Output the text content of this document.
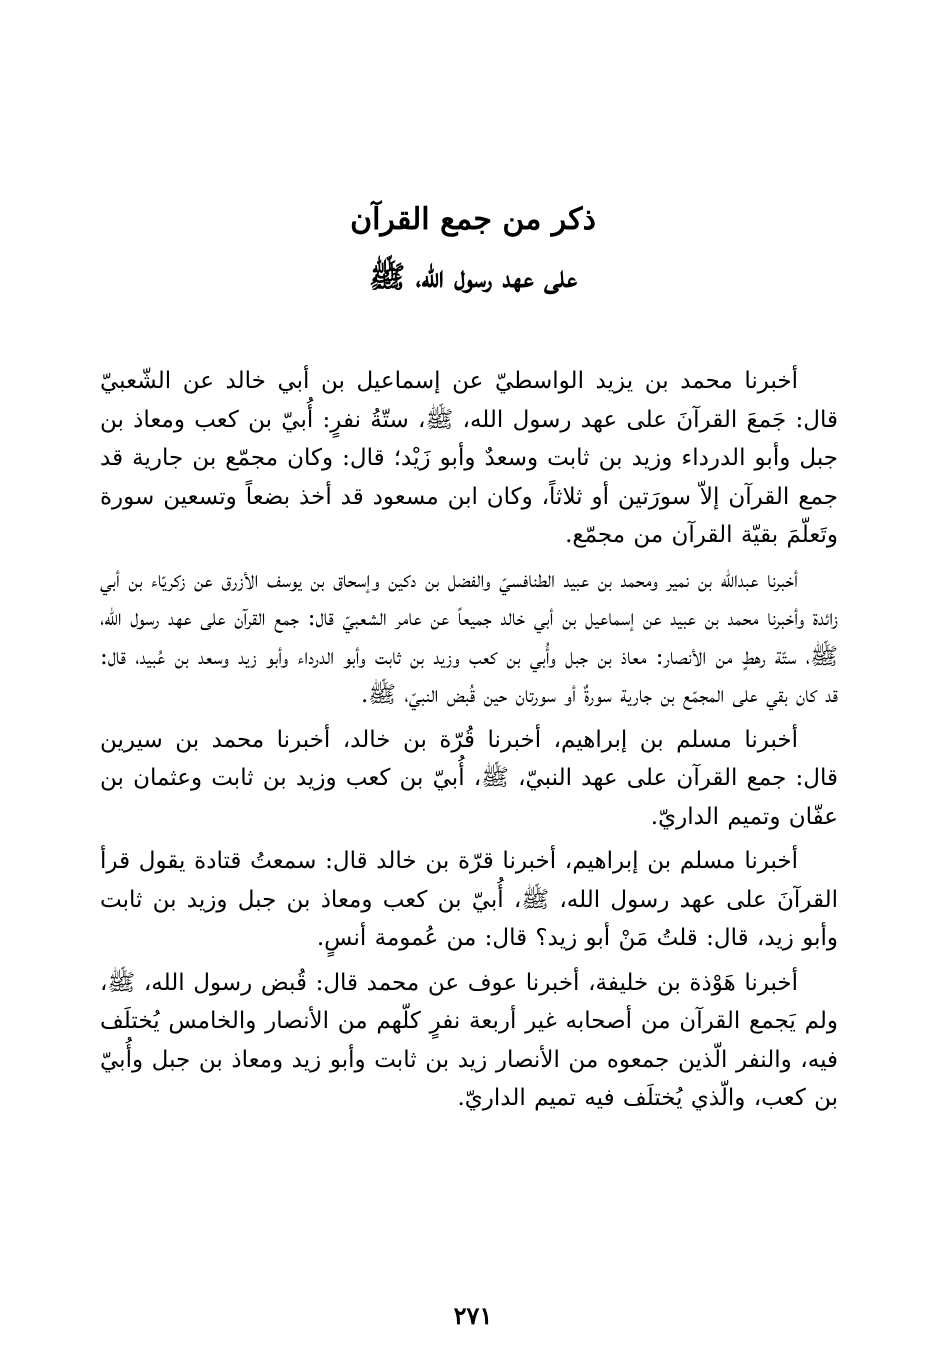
ذكر من جمع القرآن
على عهد رسول الله، ﷺ

أخبرنا محمد بن يزيد الواسطيّ عن إسماعيل بن أبي خالد عن الشّعبيّ قال: جَمعَ القرآنَ على عهد رسول الله، ﷺ، ستّةُ نفرٍ: أُبيّ بن كعب ومعاذ بن جبل وأبو الدرداء وزيد بن ثابت وسعدٌ وأبو زَيْد؛ قال: وكان مجمّع بن جارية قد جمع القرآن إلاّ سورَتين أو ثلاثاً، وكان ابن مسعود قد أخذ بضعاً وتسعين سورة وتَعلّمَ بقيّة القرآن من مجمّع.

أخبرنا عبدالله بن نمير ومحمد بن عبيد الطنافسيّ والفضل بن دكين وإسحاق بن يوسف الأزرق عن زكريّاء بن أبي زائدة وأخبرنا محمد بن عبيد عن إسماعيل بن أبي خالد جميعاً عن عامر الشعبيّ قال: جمع القرآن على عهد رسول الله، ﷺ، ستّة رهطٍ من الأنصار: معاذ بن جبل وأُبي بن كعب وزيد بن ثابت وأبو الدرداء وأبو زيد وسعد بن عُبيد، قال: قد كان بقي على المجمّع بن جارية سورةٌ أو سورتان حين قُبض النبيّ، ﷺ.

أخبرنا مسلم بن إبراهيم، أخبرنا قُرّة بن خالد، أخبرنا محمد بن سيرين قال: جمع القرآن على عهد النبيّ، ﷺ، أُبيّ بن كعب وزيد بن ثابت وعثمان بن عفّان وتميم الداريّ.

أخبرنا مسلم بن إبراهيم، أخبرنا قرّة بن خالد قال: سمعتُ قتادة يقول قرأ القرآنَ على عهد رسول الله، ﷺ، أُبيّ بن كعب ومعاذ بن جبل وزيد بن ثابت وأبو زيد، قال: قلتُ مَنْ أبو زيد؟ قال: من عُمومة أنسٍ.

أخبرنا هَوْذة بن خليفة، أخبرنا عوف عن محمد قال: قُبض رسول الله، ﷺ، ولم يَجمع القرآن من أصحابه غير أربعة نفرٍ كلّهم من الأنصار والخامس يُختلَف فيه، والنفر الّذين جمعوه من الأنصار زيد بن ثابت وأبو زيد ومعاذ بن جبل وأُبيّ بن كعب، والّذي يُختلَف فيه تميم الداريّ.

٢٧١
